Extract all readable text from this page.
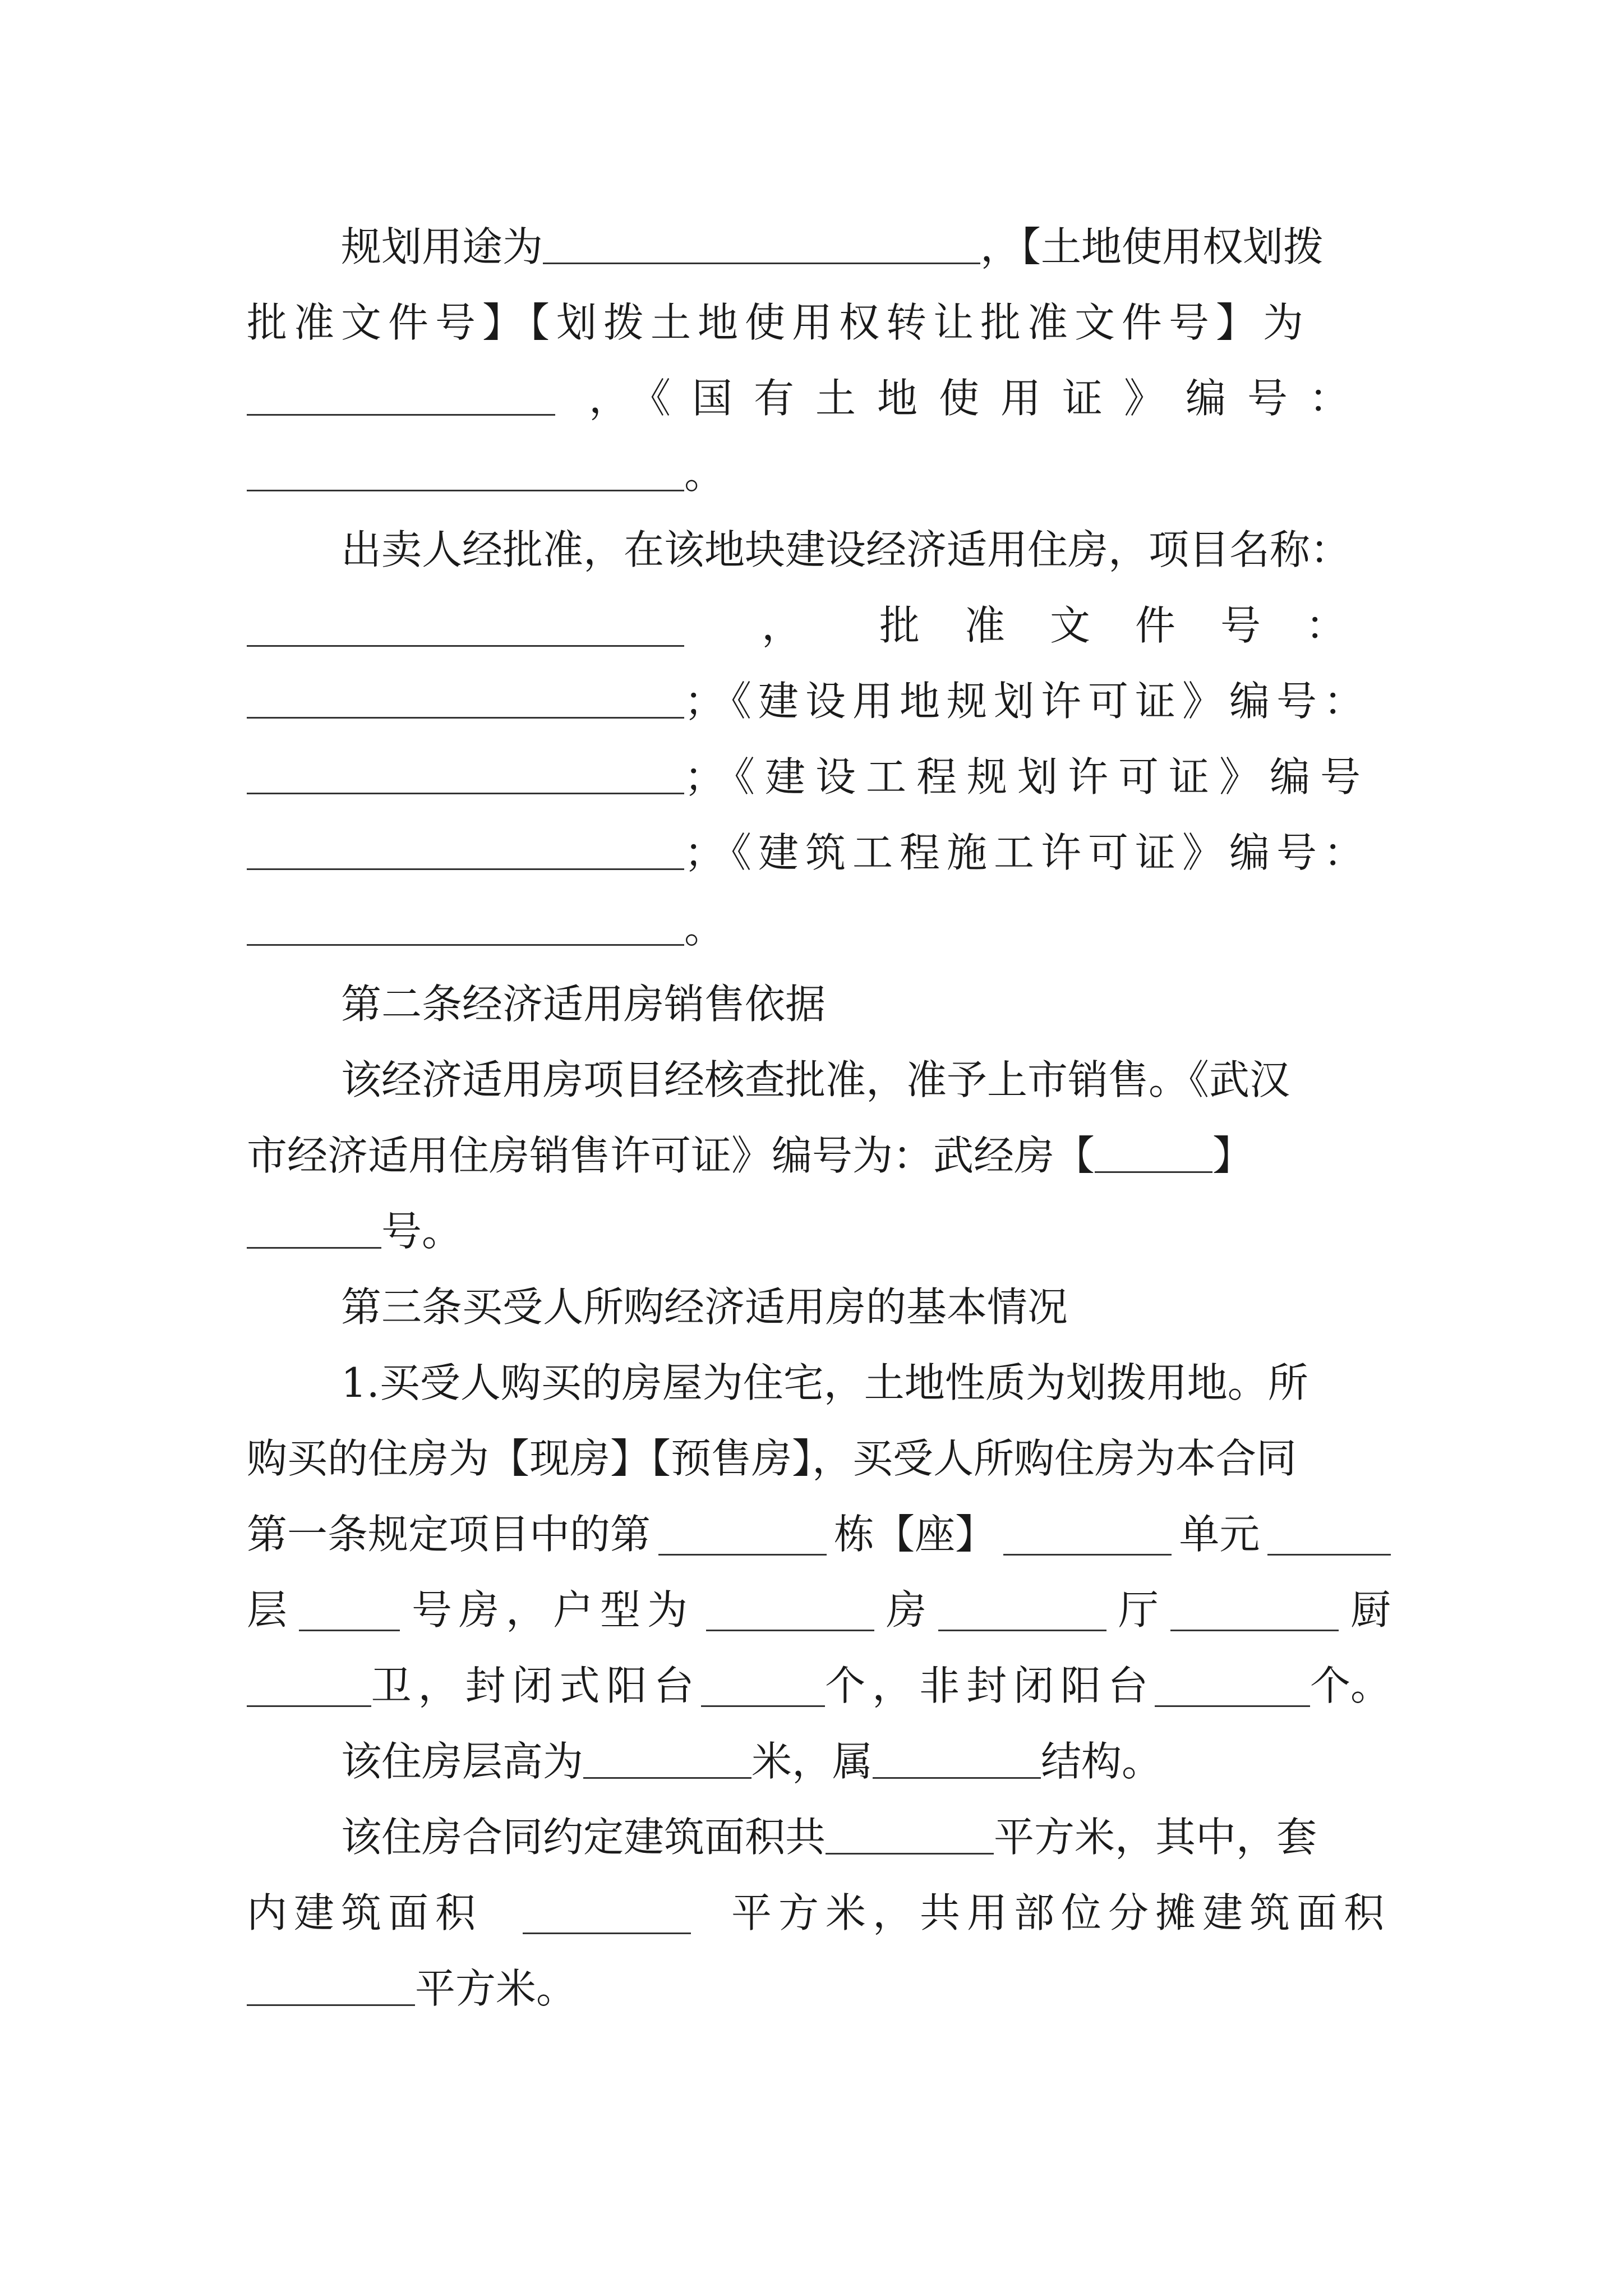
规划用途为	，【土地使用权划拨
批准文件号】【划拨土地使用权转让批准文件号】为
，《国有土地使用证》编号：
。
出卖人经批准，在该地块建设经济适用住房，项目名称：
， 批准文件号：
；《建设用地规划许可证》编号：
；《建设工程规划许可证》编号
；《建筑工程施工许可证》编号：
。
第二条经济适用房销售依据
该经济适用房项目经核查批准，准予上市销售。《武汉
市经济适用住房销售许可证》编号为：武经房【	】
号。
第三条买受人所购经济适用房的基本情况
1.买受人购买的房屋为住宅，土地性质为划拨用地。所
购买的住房为【现房】【预售房】，买受人所购住房为本合同
第一条规定项目中的第	栋【座】	单元
层	号房，户型为	房	厅	厨
卫，封闭式阳台	个，非封闭阳台	个。
该住房层高为	米，属	结构。
该住房合同约定建筑面积共	平方米，其中，套
内建筑面积	平方米，共用部位分摊建筑面积
平方米。
